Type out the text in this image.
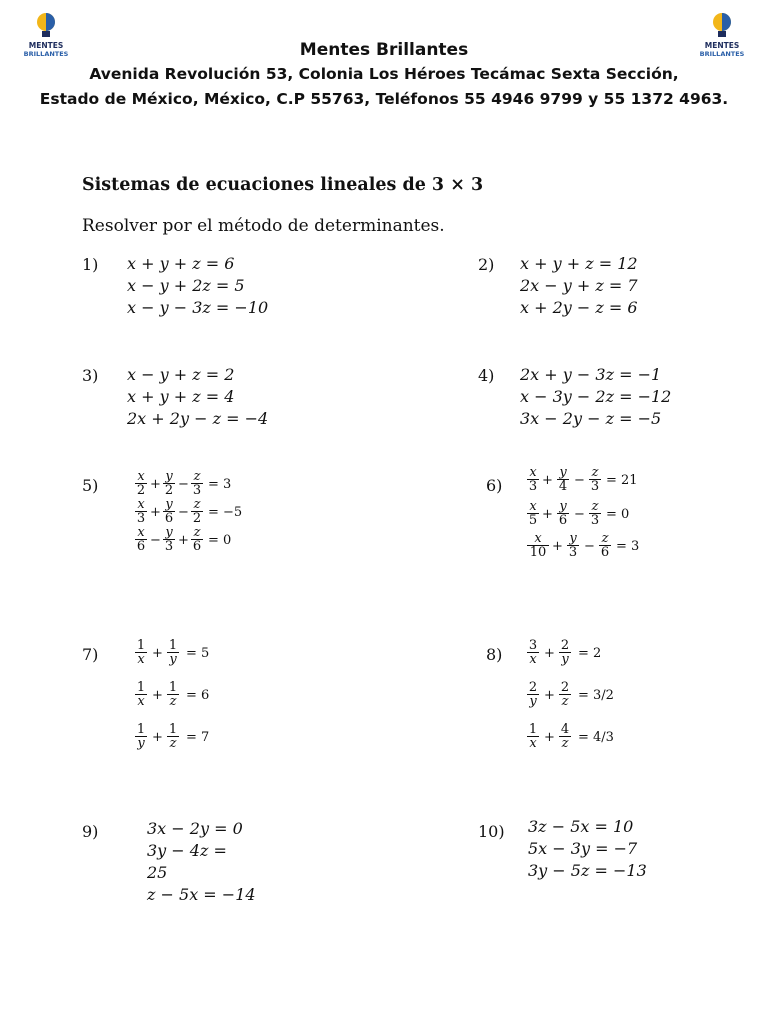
MENTES
BRILLANTES
MENTES
BRILLANTES
Mentes Brillantes
Avenida Revolución 53, Colonia Los Héroes Tecámac Sexta Sección,
Estado de México, México, C.P 55763, Teléfonos 55 4946 9799 y 55 1372 4963.
Sistemas de ecuaciones lineales de 3 × 3
Resolver por el método de determinantes.
1) x + y + z = 6
x − y + 2z = 5
x − y − 3z = −10
2) x + y + z = 12
2x − y + z = 7
x + 2y − z = 6
3) x − y + z = 2
x + y + z = 4
2x + 2y − z = −4
4) 2x + y − 3z = −1
x − 3y − 2z = −12
3x − 2y − z = −5
5)	x
2 +
y
2 −
z
3 = 3
x
3 +
y
6 −
z
2 = −5
x
6 −
y
3 +
z
6 = 0
6)
x
3 +
y
4 −
z
3 = 21
x
5 +
y
6 −
z
3 = 0
x
10 +
y
3 −
z
6 = 3
7)	1
x +
1
y = 5
1
x +
1
z = 6
1
y +
1
z = 7
8) 3
x +
2
y = 2
2
y +
2
z = 3/2
1
x +
4
z = 4/3
9)	3x − 2y = 0
3y − 4z =
25
z − 5x = −14
10) 3z − 5x = 10
5x − 3y = −7
3y − 5z = −13
